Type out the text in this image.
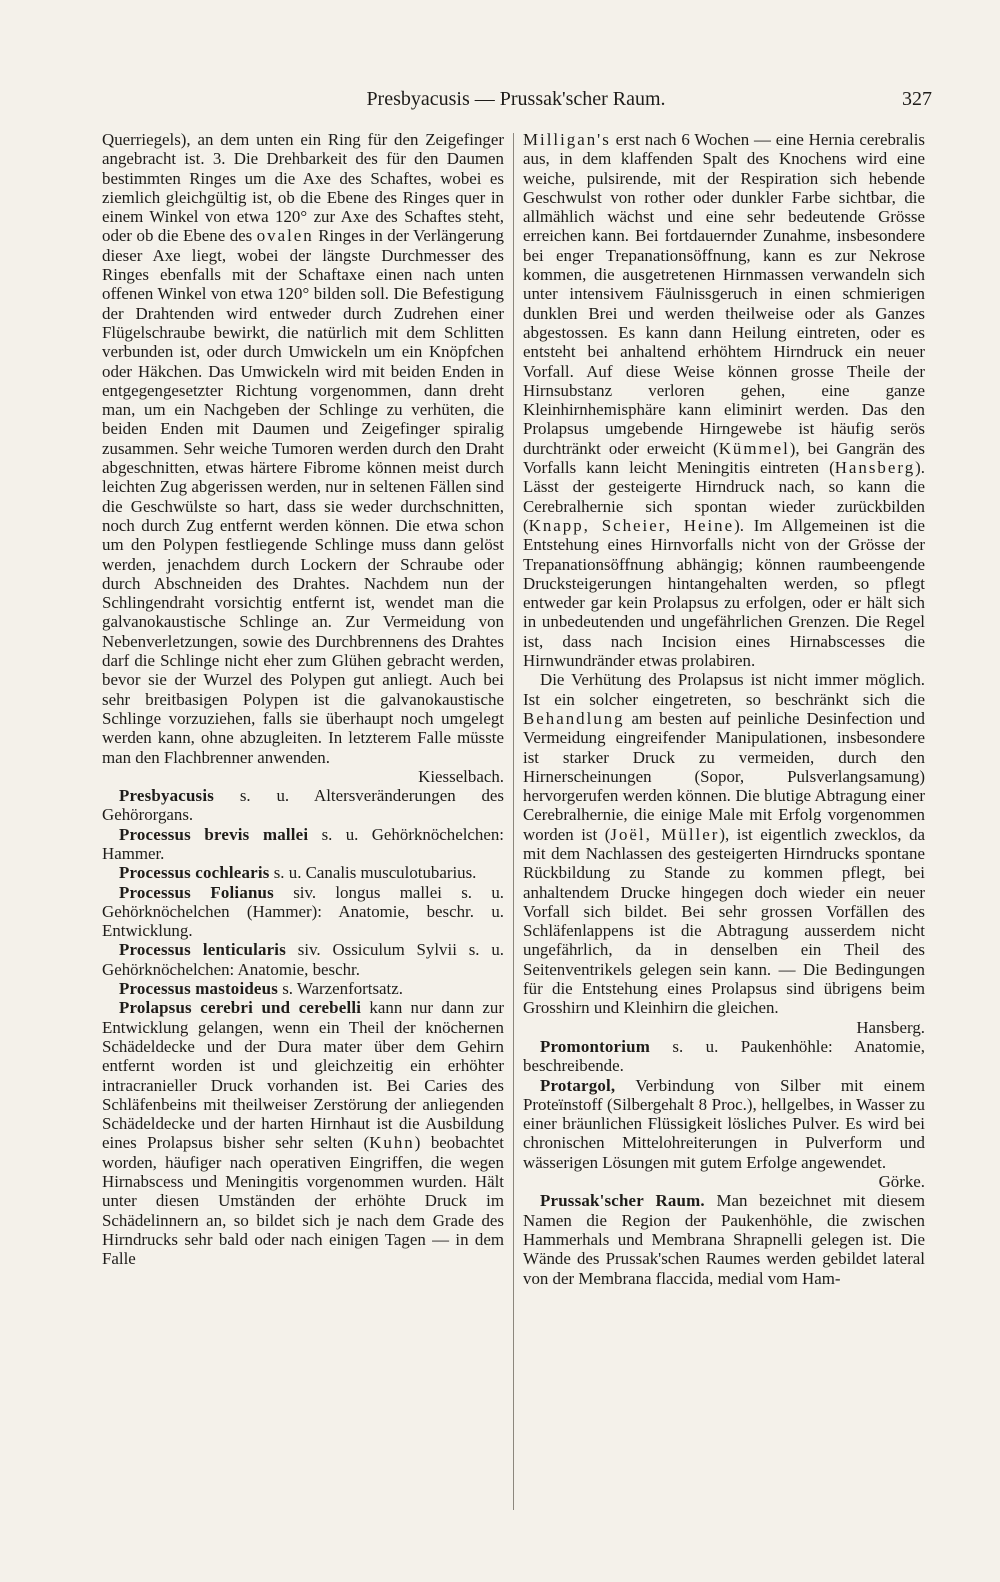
Presbyacusis — Prussak'scher Raum.	327

Querriegels), an dem unten ein Ring für den Zeigefinger angebracht ist. 3. Die Drehbarkeit des für den Daumen bestimmten Ringes um die Axe des Schaftes, wobei es ziemlich gleichgültig ist, ob die Ebene des Ringes quer in einem Winkel von etwa 120° zur Axe des Schaftes steht, oder ob die Ebene des ovalen Ringes in der Verlängerung dieser Axe liegt, wobei der längste Durchmesser des Ringes ebenfalls mit der Schaftaxe einen nach unten offenen Winkel von etwa 120° bilden soll. Die Befestigung der Drahtenden wird entweder durch Zudrehen einer Flügelschraube bewirkt, die natürlich mit dem Schlitten verbunden ist, oder durch Umwickeln um ein Knöpfchen oder Häkchen. Das Umwickeln wird mit beiden Enden in entgegengesetzter Richtung vorgenommen, dann dreht man, um ein Nachgeben der Schlinge zu verhüten, die beiden Enden mit Daumen und Zeigefinger spiralig zusammen. Sehr weiche Tumoren werden durch den Draht abgeschnitten, etwas härtere Fibrome können meist durch leichten Zug abgerissen werden, nur in seltenen Fällen sind die Geschwülste so hart, dass sie weder durchschnitten, noch durch Zug entfernt werden können. Die etwa schon um den Polypen festliegende Schlinge muss dann gelöst werden, jenachdem durch Lockern der Schraube oder durch Abschneiden des Drahtes. Nachdem nun der Schlingendraht vorsichtig entfernt ist, wendet man die galvanokaustische Schlinge an. Zur Vermeidung von Nebenverletzungen, sowie des Durchbrennens des Drahtes darf die Schlinge nicht eher zum Glühen gebracht werden, bevor sie der Wurzel des Polypen gut anliegt. Auch bei sehr breitbasigen Polypen ist die galvanokaustische Schlinge vorzuziehen, falls sie überhaupt noch umgelegt werden kann, ohne abzugleiten. In letzterem Falle müsste man den Flachbrenner anwenden.

Kiesselbach.

Presbyacusis s. u. Altersveränderungen des Gehörorgans.

Processus brevis mallei s. u. Gehörknöchelchen: Hammer.

Processus cochlearis s. u. Canalis musculotubarius.

Processus Folianus siv. longus mallei s. u. Gehörknöchelchen (Hammer): Anatomie, beschr. u. Entwicklung.

Processus lenticularis siv. Ossiculum Sylvii s. u. Gehörknöchelchen: Anatomie, beschr.

Processus mastoideus s. Warzenfortsatz.

Prolapsus cerebri und cerebelli kann nur dann zur Entwicklung gelangen, wenn ein Theil der knöchernen Schädeldecke und der Dura mater über dem Gehirn entfernt worden ist und gleichzeitig ein erhöhter intracranieller Druck vorhanden ist. Bei Caries des Schläfenbeins mit theilweiser Zerstörung der anliegenden Schädeldecke und der harten Hirnhaut ist die Ausbildung eines Prolapsus bisher sehr selten (Kuhn) beobachtet worden, häufiger nach operativen Eingriffen, die wegen Hirnabscess und Meningitis vorgenommen wurden. Hält unter diesen Umständen der erhöhte Druck im Schädelinnern an, so bildet sich je nach dem Grade des Hirndrucks sehr bald oder nach einigen Tagen — in dem Falle

Milligan's erst nach 6 Wochen — eine Hernia cerebralis aus, in dem klaffenden Spalt des Knochens wird eine weiche, pulsirende, mit der Respiration sich hebende Geschwulst von rother oder dunkler Farbe sichtbar, die allmählich wächst und eine sehr bedeutende Grösse erreichen kann. Bei fortdauernder Zunahme, insbesondere bei enger Trepanationsöffnung, kann es zur Nekrose kommen, die ausgetretenen Hirnmassen verwandeln sich unter intensivem Fäulnissgeruch in einen schmierigen dunklen Brei und werden theilweise oder als Ganzes abgestossen. Es kann dann Heilung eintreten, oder es entsteht bei anhaltend erhöhtem Hirndruck ein neuer Vorfall. Auf diese Weise können grosse Theile der Hirnsubstanz verloren gehen, eine ganze Kleinhirnhemisphäre kann eliminirt werden. Das den Prolapsus umgebende Hirngewebe ist häufig serös durchtränkt oder erweicht (Kümmel), bei Gangrän des Vorfalls kann leicht Meningitis eintreten (Hansberg). Lässt der gesteigerte Hirndruck nach, so kann die Cerebralhernie sich spontan wieder zurückbilden (Knapp, Scheier, Heine). Im Allgemeinen ist die Entstehung eines Hirnvorfalls nicht von der Grösse der Trepanationsöffnung abhängig; können raumbeengende Drucksteigerungen hintangehalten werden, so pflegt entweder gar kein Prolapsus zu erfolgen, oder er hält sich in unbedeutenden und ungefährlichen Grenzen. Die Regel ist, dass nach Incision eines Hirnabscesses die Hirnwundränder etwas prolabiren.

Die Verhütung des Prolapsus ist nicht immer möglich. Ist ein solcher eingetreten, so beschränkt sich die Behandlung am besten auf peinliche Desinfection und Vermeidung eingreifender Manipulationen, insbesondere ist starker Druck zu vermeiden, durch den Hirnerscheinungen (Sopor, Pulsverlangsamung) hervorgerufen werden können. Die blutige Abtragung einer Cerebralhernie, die einige Male mit Erfolg vorgenommen worden ist (Joël, Müller), ist eigentlich zwecklos, da mit dem Nachlassen des gesteigerten Hirndrucks spontane Rückbildung zu Stande zu kommen pflegt, bei anhaltendem Drucke hingegen doch wieder ein neuer Vorfall sich bildet. Bei sehr grossen Vorfällen des Schläfenlappens ist die Abtragung ausserdem nicht ungefährlich, da in denselben ein Theil des Seitenventrikels gelegen sein kann. — Die Bedingungen für die Entstehung eines Prolapsus sind übrigens beim Grosshirn und Kleinhirn die gleichen.

Hansberg.

Promontorium s. u. Paukenhöhle: Anatomie, beschreibende.

Protargol, Verbindung von Silber mit einem Proteïnstoff (Silbergehalt 8 Proc.), hellgelbes, in Wasser zu einer bräunlichen Flüssigkeit lösliches Pulver. Es wird bei chronischen Mittelohreiterungen in Pulverform und wässerigen Lösungen mit gutem Erfolge angewendet.

Görke.

Prussak'scher Raum. Man bezeichnet mit diesem Namen die Region der Paukenhöhle, die zwischen Hammerhals und Membrana Shrapnelli gelegen ist. Die Wände des Prussak'schen Raumes werden gebildet lateral von der Membrana flaccida, medial vom Ham-
